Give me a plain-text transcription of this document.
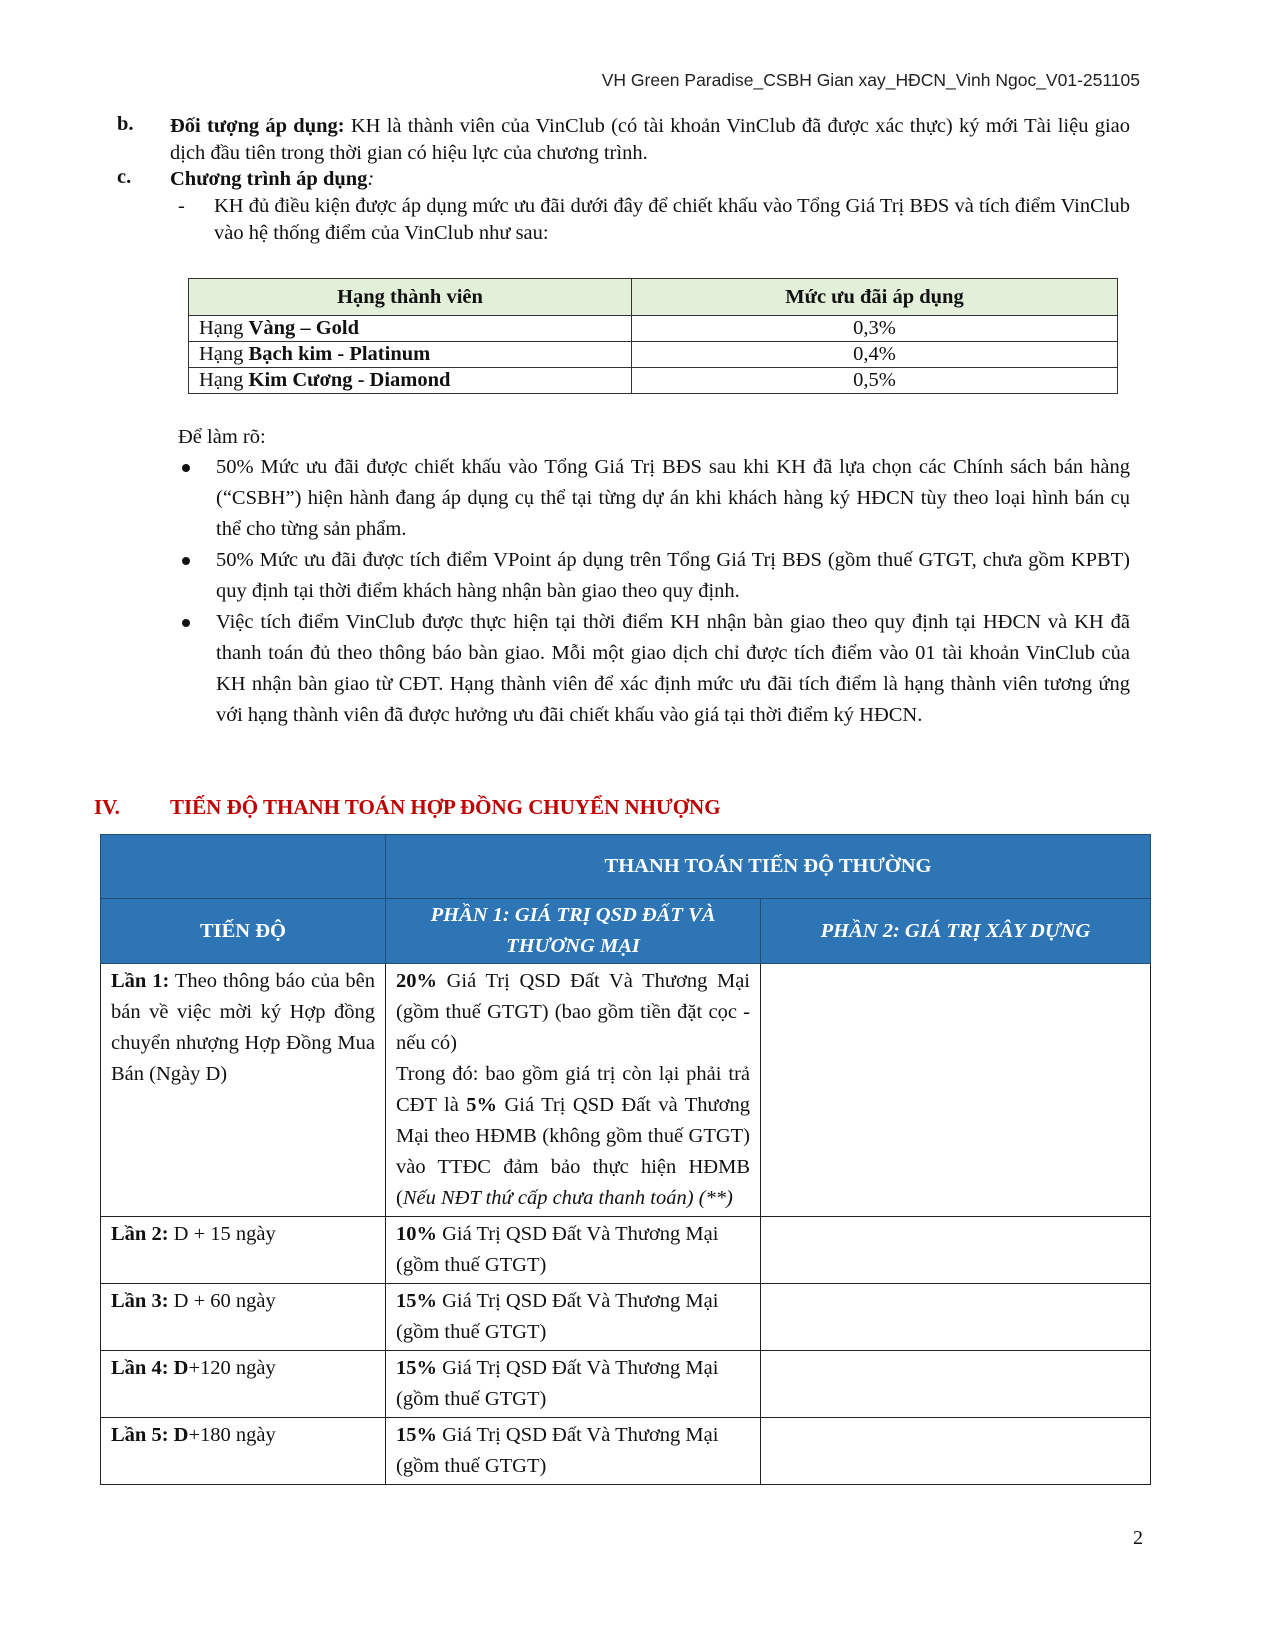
VH Green Paradise_CSBH Gian xay_HĐCN_Vinh Ngoc_V01-251105
b. Đối tượng áp dụng: KH là thành viên của VinClub (có tài khoản VinClub đã được xác thực) ký mới Tài liệu giao dịch đầu tiên trong thời gian có hiệu lực của chương trình.
c. Chương trình áp dụng:
- KH đủ điều kiện được áp dụng mức ưu đãi dưới đây để chiết khấu vào Tổng Giá Trị BĐS và tích điểm VinClub vào hệ thống điểm của VinClub như sau:
Hạng thành viên	Mức ưu đãi áp dụng
Hạng Vàng – Gold	0,3%
Hạng Bạch kim - Platinum	0,4%
Hạng Kim Cương - Diamond	0,5%
Để làm rõ:
50% Mức ưu đãi được chiết khấu vào Tổng Giá Trị BĐS sau khi KH đã lựa chọn các Chính sách bán hàng (“CSBH”) hiện hành đang áp dụng cụ thể tại từng dự án khi khách hàng ký HĐCN tùy theo loại hình bán cụ thể cho từng sản phẩm.
50% Mức ưu đãi được tích điểm VPoint áp dụng trên Tổng Giá Trị BĐS (gồm thuế GTGT, chưa gồm KPBT) quy định tại thời điểm khách hàng nhận bàn giao theo quy định.
Việc tích điểm VinClub được thực hiện tại thời điểm KH nhận bàn giao theo quy định tại HĐCN và KH đã thanh toán đủ theo thông báo bàn giao. Mỗi một giao dịch chỉ được tích điểm vào 01 tài khoản VinClub của KH nhận bàn giao từ CĐT. Hạng thành viên để xác định mức ưu đãi tích điểm là hạng thành viên tương ứng với hạng thành viên đã được hưởng ưu đãi chiết khấu vào giá tại thời điểm ký HĐCN.
IV. TIẾN ĐỘ THANH TOÁN HỢP ĐỒNG CHUYỂN NHƯỢNG
	THANH TOÁN TIẾN ĐỘ THƯỜNG	
TIẾN ĐỘ	PHẦN 1: GIÁ TRỊ QSD ĐẤT VÀ THƯƠNG MẠI	PHẦN 2: GIÁ TRỊ XÂY DỰNG
Lần 1: Theo thông báo của bên bán về việc mời ký Hợp đồng chuyển nhượng Hợp Đồng Mua Bán (Ngày D)	20% Giá Trị QSD Đất Và Thương Mại (gồm thuế GTGT) (bao gồm tiền đặt cọc - nếu có)
Trong đó: bao gồm giá trị còn lại phải trả CĐT là 5% Giá Trị QSD Đất và Thương Mại theo HĐMB (không gồm thuế GTGT) vào TTĐC đảm bảo thực hiện HĐMB (Nếu NĐT thứ cấp chưa thanh toán) (**)	

Lần 2: D + 15 ngày	10% Giá Trị QSD Đất Và Thương Mại (gồm thuế GTGT)	
Lần 3: D + 60 ngày	15% Giá Trị QSD Đất Và Thương Mại (gồm thuế GTGT)	
Lần 4: D+120 ngày	15% Giá Trị QSD Đất Và Thương Mại (gồm thuế GTGT)	
Lần 5: D+180 ngày	15% Giá Trị QSD Đất Và Thương Mại (gồm thuế GTGT)	
2
